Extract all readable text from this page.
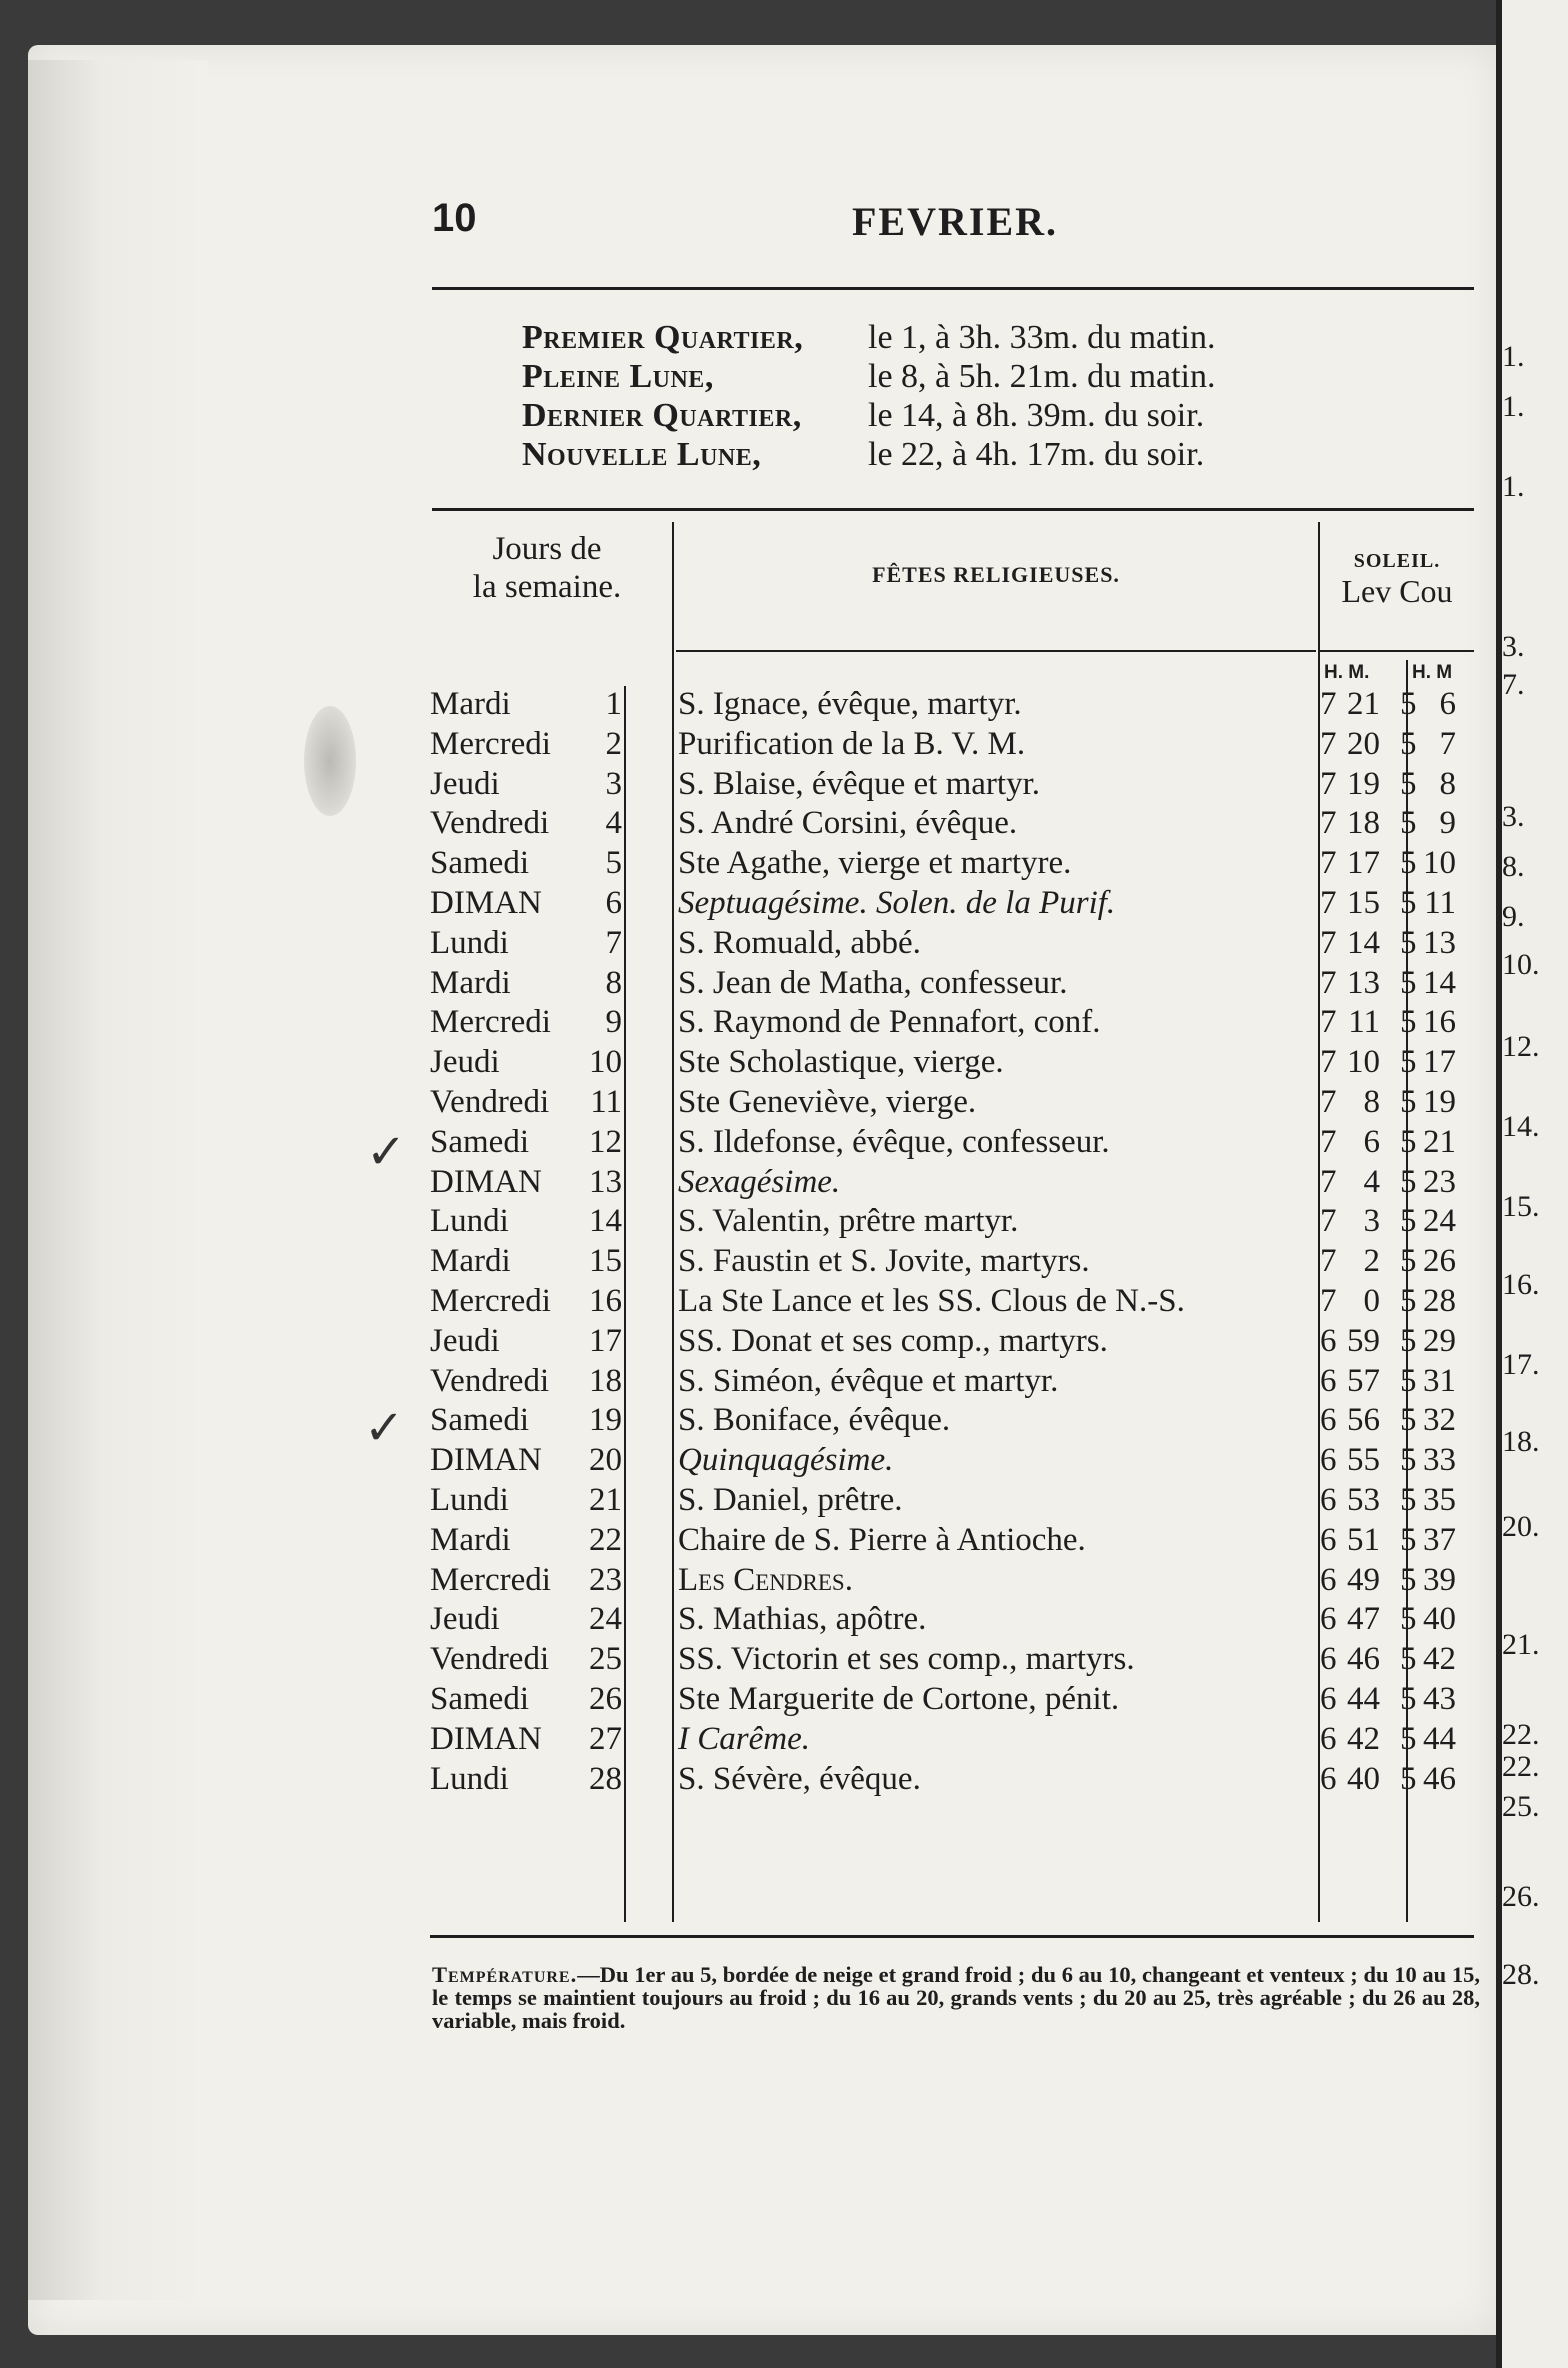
10	FEVRIER.
Premier Quartier,	le 1, à 3h. 33m. du matin.
Pleine Lune,	le 8, à 5h. 21m. du matin.
Dernier Quartier,	le 14, à 8h. 39m. du soir.
Nouvelle Lune,	le 22, à 4h. 17m. du soir.
Jours de
la semaine.	FÊTES RELIGIEUSES.
SOLEIL.
Lev Cou
H. M. H. M
Mardi	1 S. Ignace, évêque, martyr.	7 21 5 6
Mercredi	2 Purification de la B. V. M.	7 20 5 7
Jeudi	3 S. Blaise, évêque et martyr.	7 19 5 8
Vendredi	4 S. André Corsini, évêque.	7 18 5 9
Samedi	5 Ste Agathe, vierge et martyre.	7 17 5 10
DIMAN	6 Septuagésime. Solen. de la Purif.	7 15 5 11
Lundi	7 S. Romuald, abbé.	7 14 5 13
Mardi	8 S. Jean de Matha, confesseur.	7 13 5 14
Mercredi	9 S. Raymond de Pennafort, conf.	7 11 5 16
Jeudi	10 Ste Scholastique, vierge.	7 10 5 17
Vendredi	11 Ste Geneviève, vierge.	7 8 5 19
Samedi 12 S. Ildefonse, évêque, confesseur.	7 6 5 21
DIMAN 13 Sexagésime.	7 4 5 23
Lundi 14 S. Valentin, prêtre martyr.	7 3 5 24
Mardi 15 S. Faustin et S. Jovite, martyrs.	7 2 5 26
Mercredi 16 La Ste Lance et les SS. Clous de N.-S.	7 0 5 28
Jeudi	17 SS. Donat et ses comp., martyrs.	6 59 5 29
Vendredi 18 S. Siméon, évêque et martyr.	6 57 5 31
Samedi 19 S. Boniface, évêque.	6 56 5 32
DIMAN 20 Quinquagésime.	6 55 5 33
Lundi 21 S. Daniel, prêtre.	6 53 5 35
Mardi 22 Chaire de S. Pierre à Antioche.	6 51 5 37
Mercredi 23 Les Cendres.	6 49 5 39
Jeudi	24 S. Mathias, apôtre.	6 47 5 40
Vendredi 25 SS. Victorin et ses comp., martyrs.	6 46 5 42
Samedi 26 Ste Marguerite de Cortone, pénit.	6 44 5 43
DIMAN 27 I Carême.	6 42 5 44
Lundi 28 S. Sévère, évêque.	6 40 5 46
Température.—Du 1er au 5, bordée de neige et grand froid ; du 6 au 10, changeant et venteux ; du 10 au 15, le temps se maintient toujours au froid ; du 16 au 20, grands vents ; du 20 au 25, très agréable ; du 26 au 28, variable, mais froid.
✓
✓
1.
1.
1.
3.
7.
3.
8.
9.
10.
12.
14.
15.
16.
17.
18.
20.
21.
22.
22.
25.
26.
28.
